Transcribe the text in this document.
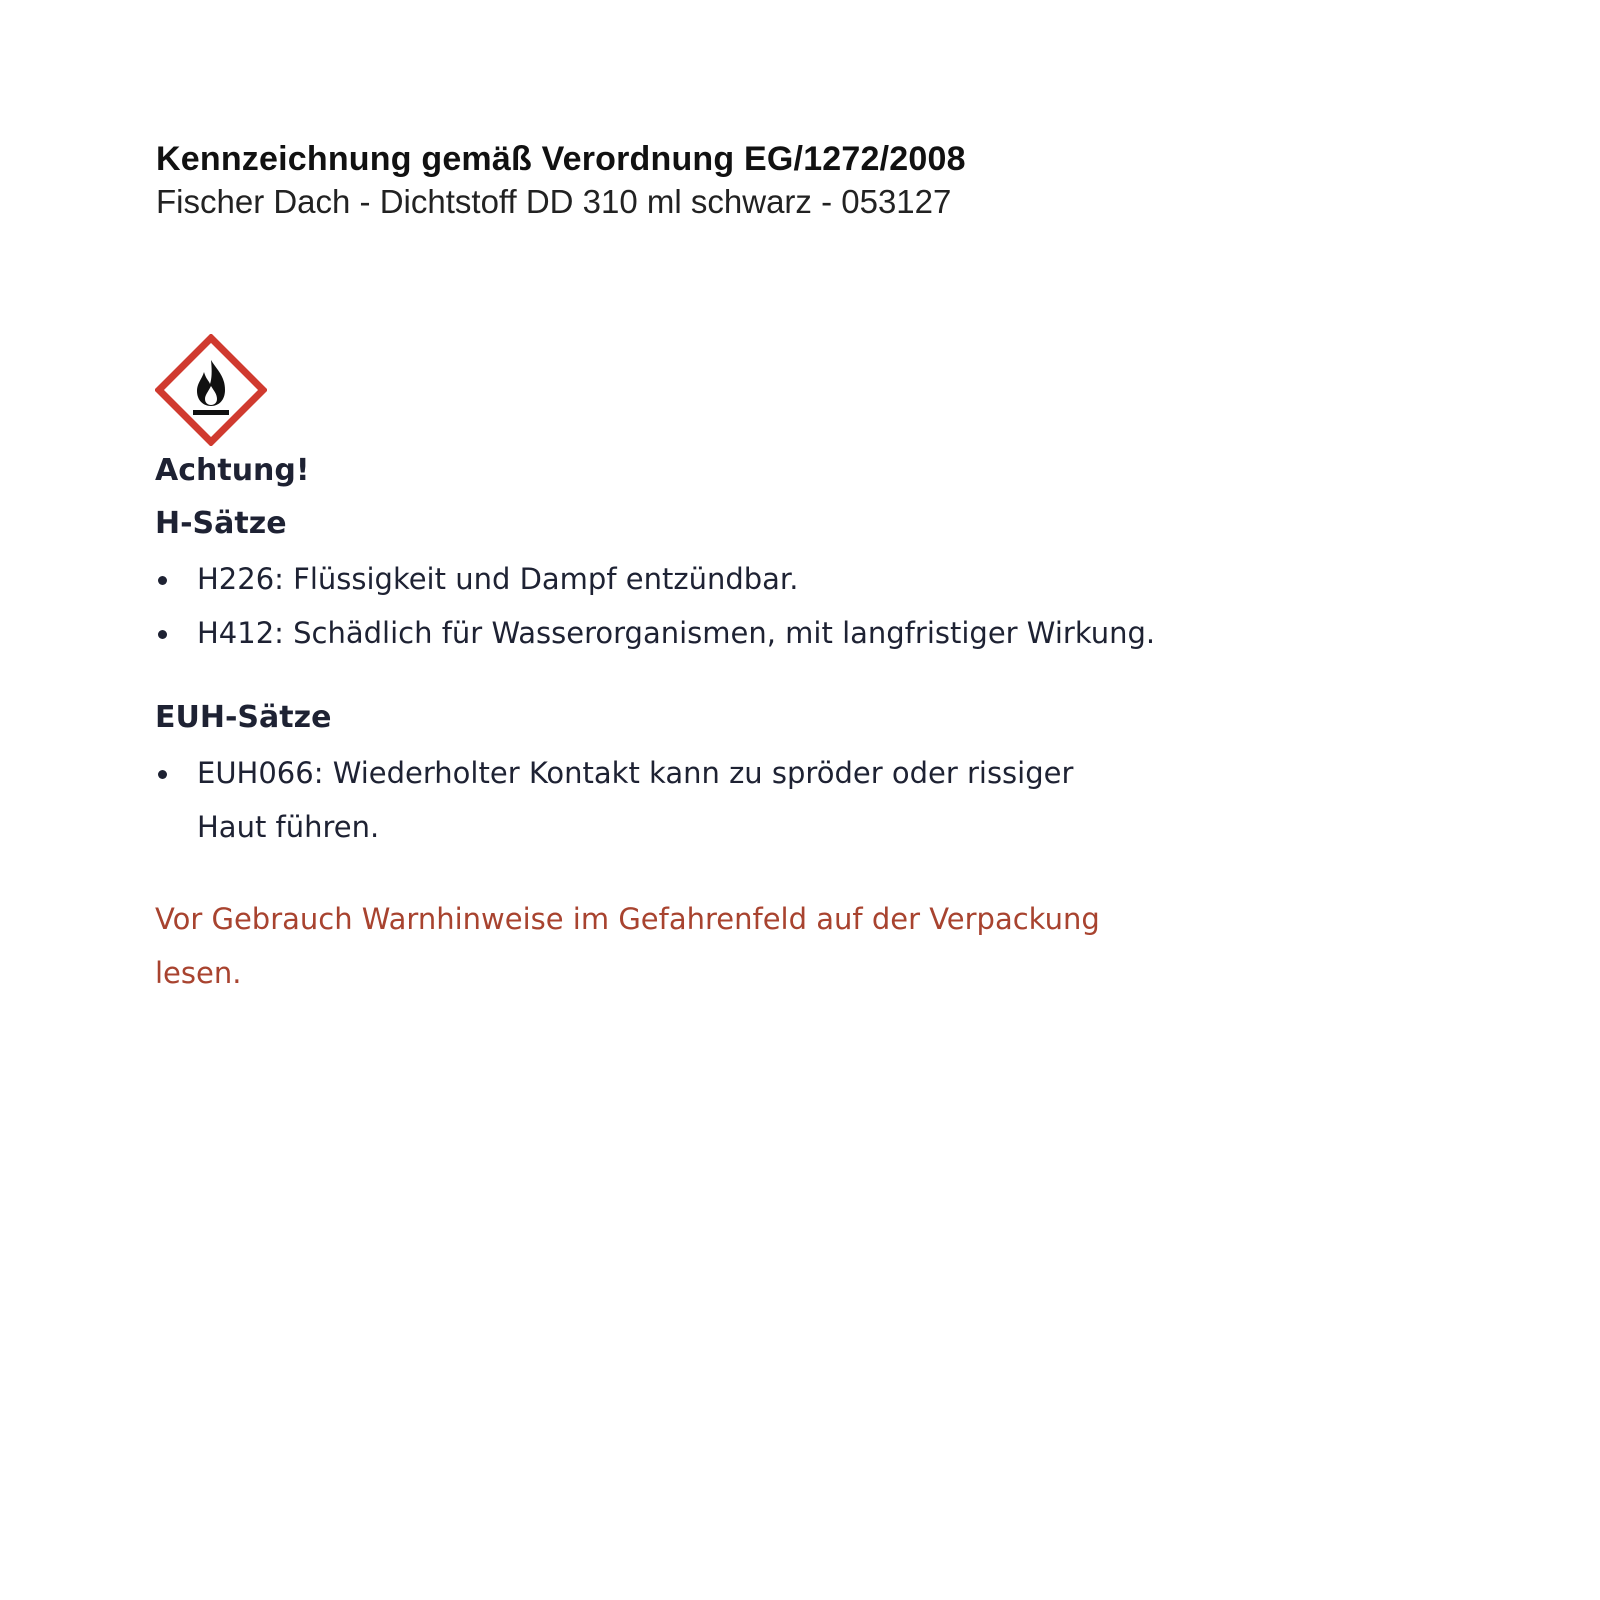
Kennzeichnung gemäß Verordnung EG/1272/2008
Fischer Dach - Dichtstoff DD 310 ml schwarz - 053127
Achtung!
H-Sätze
H226: Flüssigkeit und Dampf entzündbar.
H412: Schädlich für Wasserorganismen, mit langfristiger Wirkung.
EUH-Sätze
EUH066: Wiederholter Kontakt kann zu spröder oder rissiger Haut führen.
Vor Gebrauch Warnhinweise im Gefahrenfeld auf der Verpackung lesen.
